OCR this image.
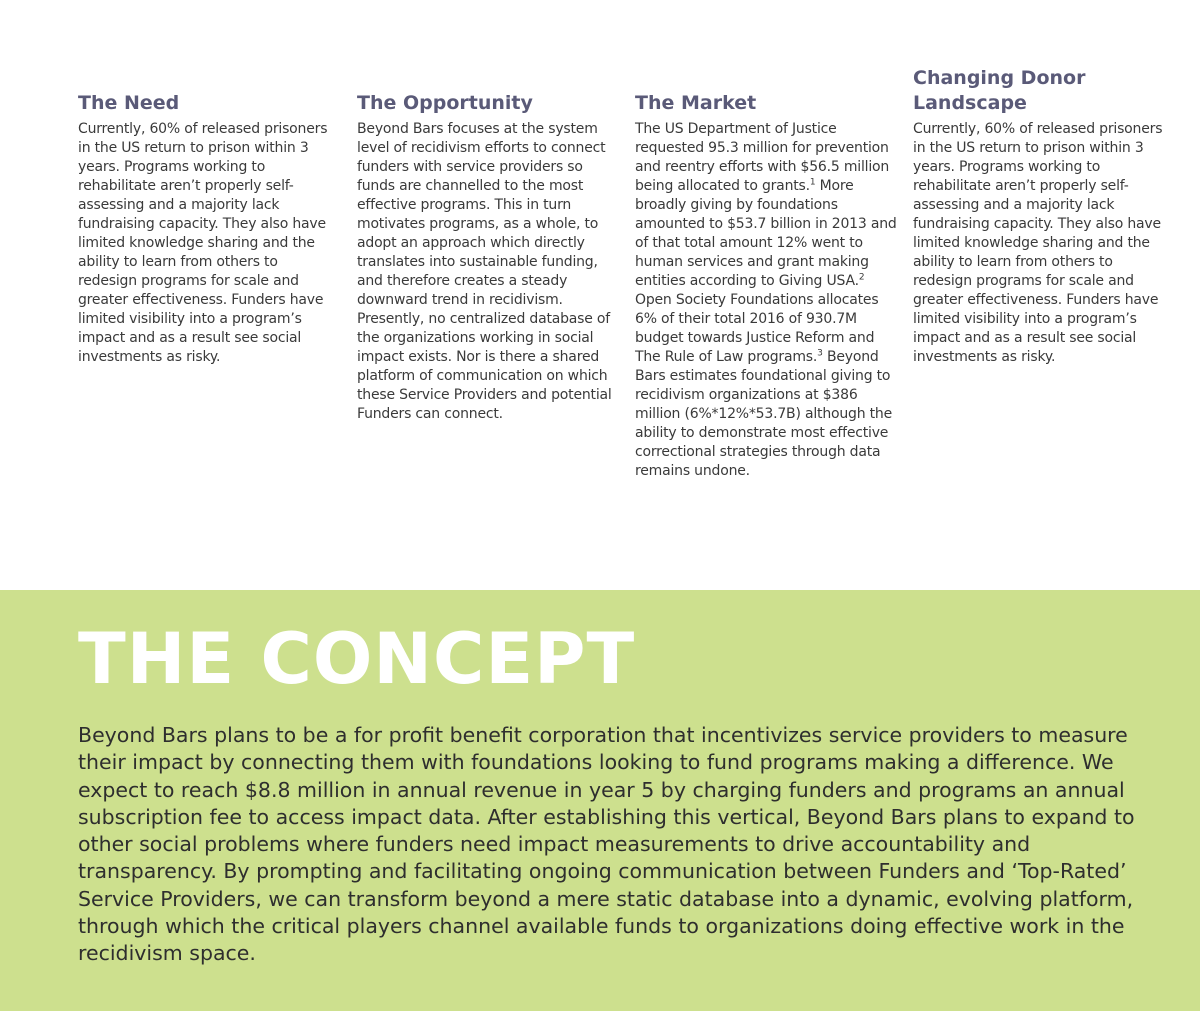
The Need

Currently, 60% of released prisoners in the US return to prison within 3 years. Programs working to rehabilitate aren’t properly self-assessing and a majority lack fundraising capacity. They also have limited knowledge sharing and the ability to learn from others to redesign programs for scale and greater effectiveness. Funders have limited visibility into a program’s impact and as a result see social investments as risky.

The Opportunity

Beyond Bars focuses at the system level of recidivism efforts to connect funders with service providers so funds are channelled to the most effective programs. This in turn motivates programs, as a whole, to adopt an approach which directly translates into sustainable funding, and therefore creates a steady downward trend in recidivism. Presently, no centralized database of the organizations working in social impact exists. Nor is there a shared platform of communication on which these Service Providers and potential Funders can connect.

The Market

The US Department of Justice requested 95.3 million for prevention and reentry efforts with $56.5 million being allocated to grants.$^1$ More broadly giving by foundations amounted to $53.7 billion in 2013 and of that total amount 12% went to human services and grant making entities according to Giving USA.$^2$ Open Society Foundations allocates 6% of their total 2016 of 930.7M budget towards Justice Reform and The Rule of Law programs.$^3$ Beyond Bars estimates foundational giving to recidivism organizations at $386 million (6%*12%*53.7B) although the ability to demonstrate most effective correctional strategies through data remains undone.

Changing Donor Landscape

Currently, 60% of released prisoners in the US return to prison within 3 years. Programs working to rehabilitate aren’t properly self-assessing and a majority lack fundraising capacity. They also have limited knowledge sharing and the ability to learn from others to redesign programs for scale and greater effectiveness. Funders have limited visibility into a program’s impact and as a result see social investments as risky.

THE CONCEPT

Beyond Bars plans to be a for profit benefit corporation that incentivizes service providers to measure their impact by connecting them with foundations looking to fund programs making a difference. We expect to reach $8.8 million in annual revenue in year 5 by charging funders and programs an annual subscription fee to access impact data. After establishing this vertical, Beyond Bars plans to expand to other social problems where funders need impact measurements to drive accountability and transparency. By prompting and facilitating ongoing communication between Funders and ‘Top-Rated’ Service Providers, we can transform beyond a mere static database into a dynamic, evolving platform, through which the critical players channel available funds to organizations doing effective work in the recidivism space.
